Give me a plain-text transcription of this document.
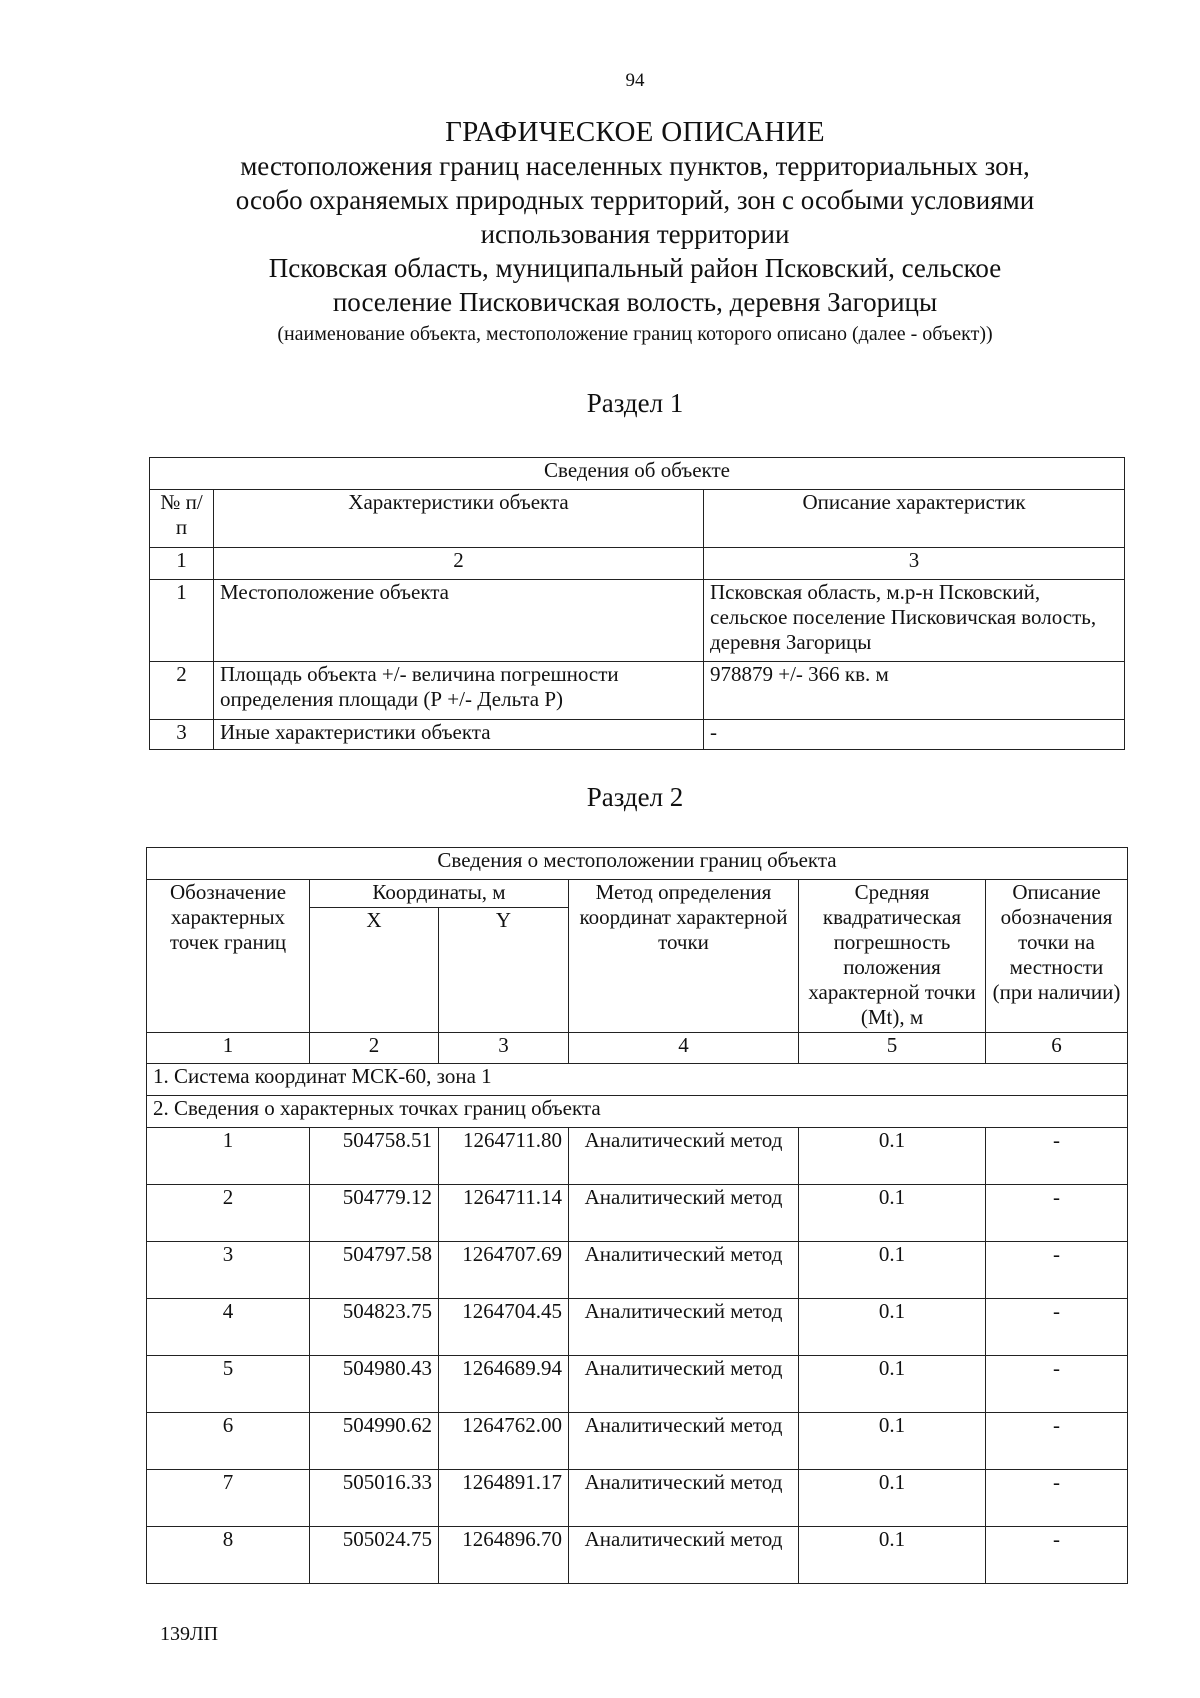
94
ГРАФИЧЕСКОЕ ОПИСАНИЕ
местоположения границ населенных пунктов, территориальных зон,
особо охраняемых природных территорий, зон с особыми условиями
использования территории
Псковская область, муниципальный район Псковский, сельское
поселение Писковичская волость, деревня Загорицы
(наименование объекта, местоположение границ которого описано (далее - объект))
Раздел 1
Сведения об объекте		
№ п/п	Характеристики объекта	Описание характеристик
1	2	3
1	Местоположение объекта	Псковская область, м.р-н Псковский, сельское поселение Писковичская волость, деревня Загорицы
2	Площадь объекта +/- величина погрешности определения площади (Р +/- Дельта Р)	978879 +/- 366 кв. м
3	Иные характеристики объекта	-
Раздел 2
Сведения о местоположении границ объекта					
Обозначение характерных точек границ	Координаты, м		Метод определения координат характерной точки	Средняя квадратическая погрешность положения характерной точки (Mt), м	Описание обозначения точки на местности (при наличии)
	X	Y			
1	2	3	4	5	6
1. Система координат МСК-60, зона 1					
2. Сведения о характерных точках границ объекта					
1	504758.51	1264711.80	Аналитический метод	0.1	-
2	504779.12	1264711.14	Аналитический метод	0.1	-
3	504797.58	1264707.69	Аналитический метод	0.1	-
4	504823.75	1264704.45	Аналитический метод	0.1	-
5	504980.43	1264689.94	Аналитический метод	0.1	-
6	504990.62	1264762.00	Аналитический метод	0.1	-
7	505016.33	1264891.17	Аналитический метод	0.1	-
8	505024.75	1264896.70	Аналитический метод	0.1	-
139ЛП
